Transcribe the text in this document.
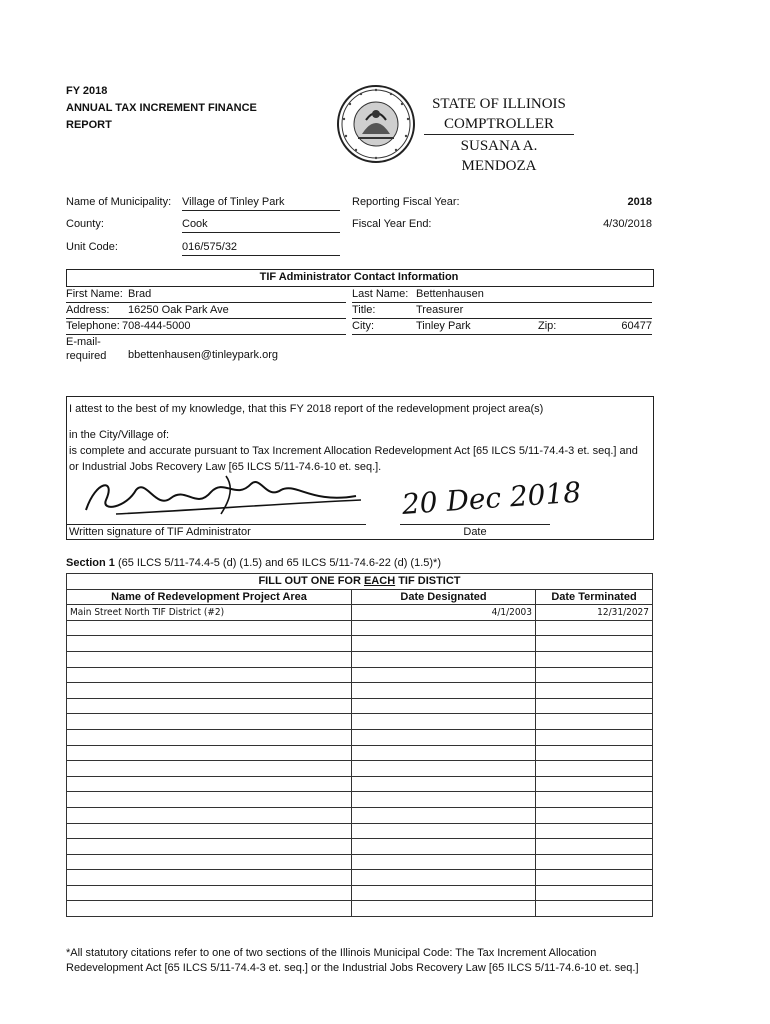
FY 2018
ANNUAL TAX INCREMENT FINANCE
REPORT
STATE OF ILLINOIS
COMPTROLLER
SUSANA A. MENDOZA
Name of Municipality: Village of Tinley Park
County:	Cook
Unit Code:	016/575/32
Reporting Fiscal Year:	2018
Fiscal Year End:	4/30/2018
TIF Administrator Contact Information
First Name: Brad
Address: 16250 Oak Park Ave
Telephone: 708-444-5000
E-mail-
required bbettenhausen@tinleypark.org
Last Name: Bettenhausen
Title:	Treasurer
City:	Tinley Park	Zip:	60477
I attest to the best of my knowledge, that this FY 2018 report of the redevelopment project area(s)
in the City/Village of:
is complete and accurate pursuant to Tax Increment Allocation Redevelopment Act [65 ILCS 5/11-74.4-3 et. seq.] and
or Industrial Jobs Recovery Law [65 ILCS 5/11-74.6-10 et. seq.].
20 Dec 2018
Written signature of TIF Administrator	Date
Section 1 (65 ILCS 5/11-74.4-5 (d) (1.5) and 65 ILCS 5/11-74.6-22 (d) (1.5)*)
FILL OUT ONE FOR EACH TIF DISTICT		
Name of Redevelopment Project Area	Date Designated	Date Terminated
Main Street North TIF District (#2)	4/1/2003	12/31/2027

*All statutory citations refer to one of two sections of the Illinois Municipal Code: The Tax Increment Allocation
Redevelopment Act [65 ILCS 5/11-74.4-3 et. seq.] or the Industrial Jobs Recovery Law [65 ILCS 5/11-74.6-10 et. seq.]
